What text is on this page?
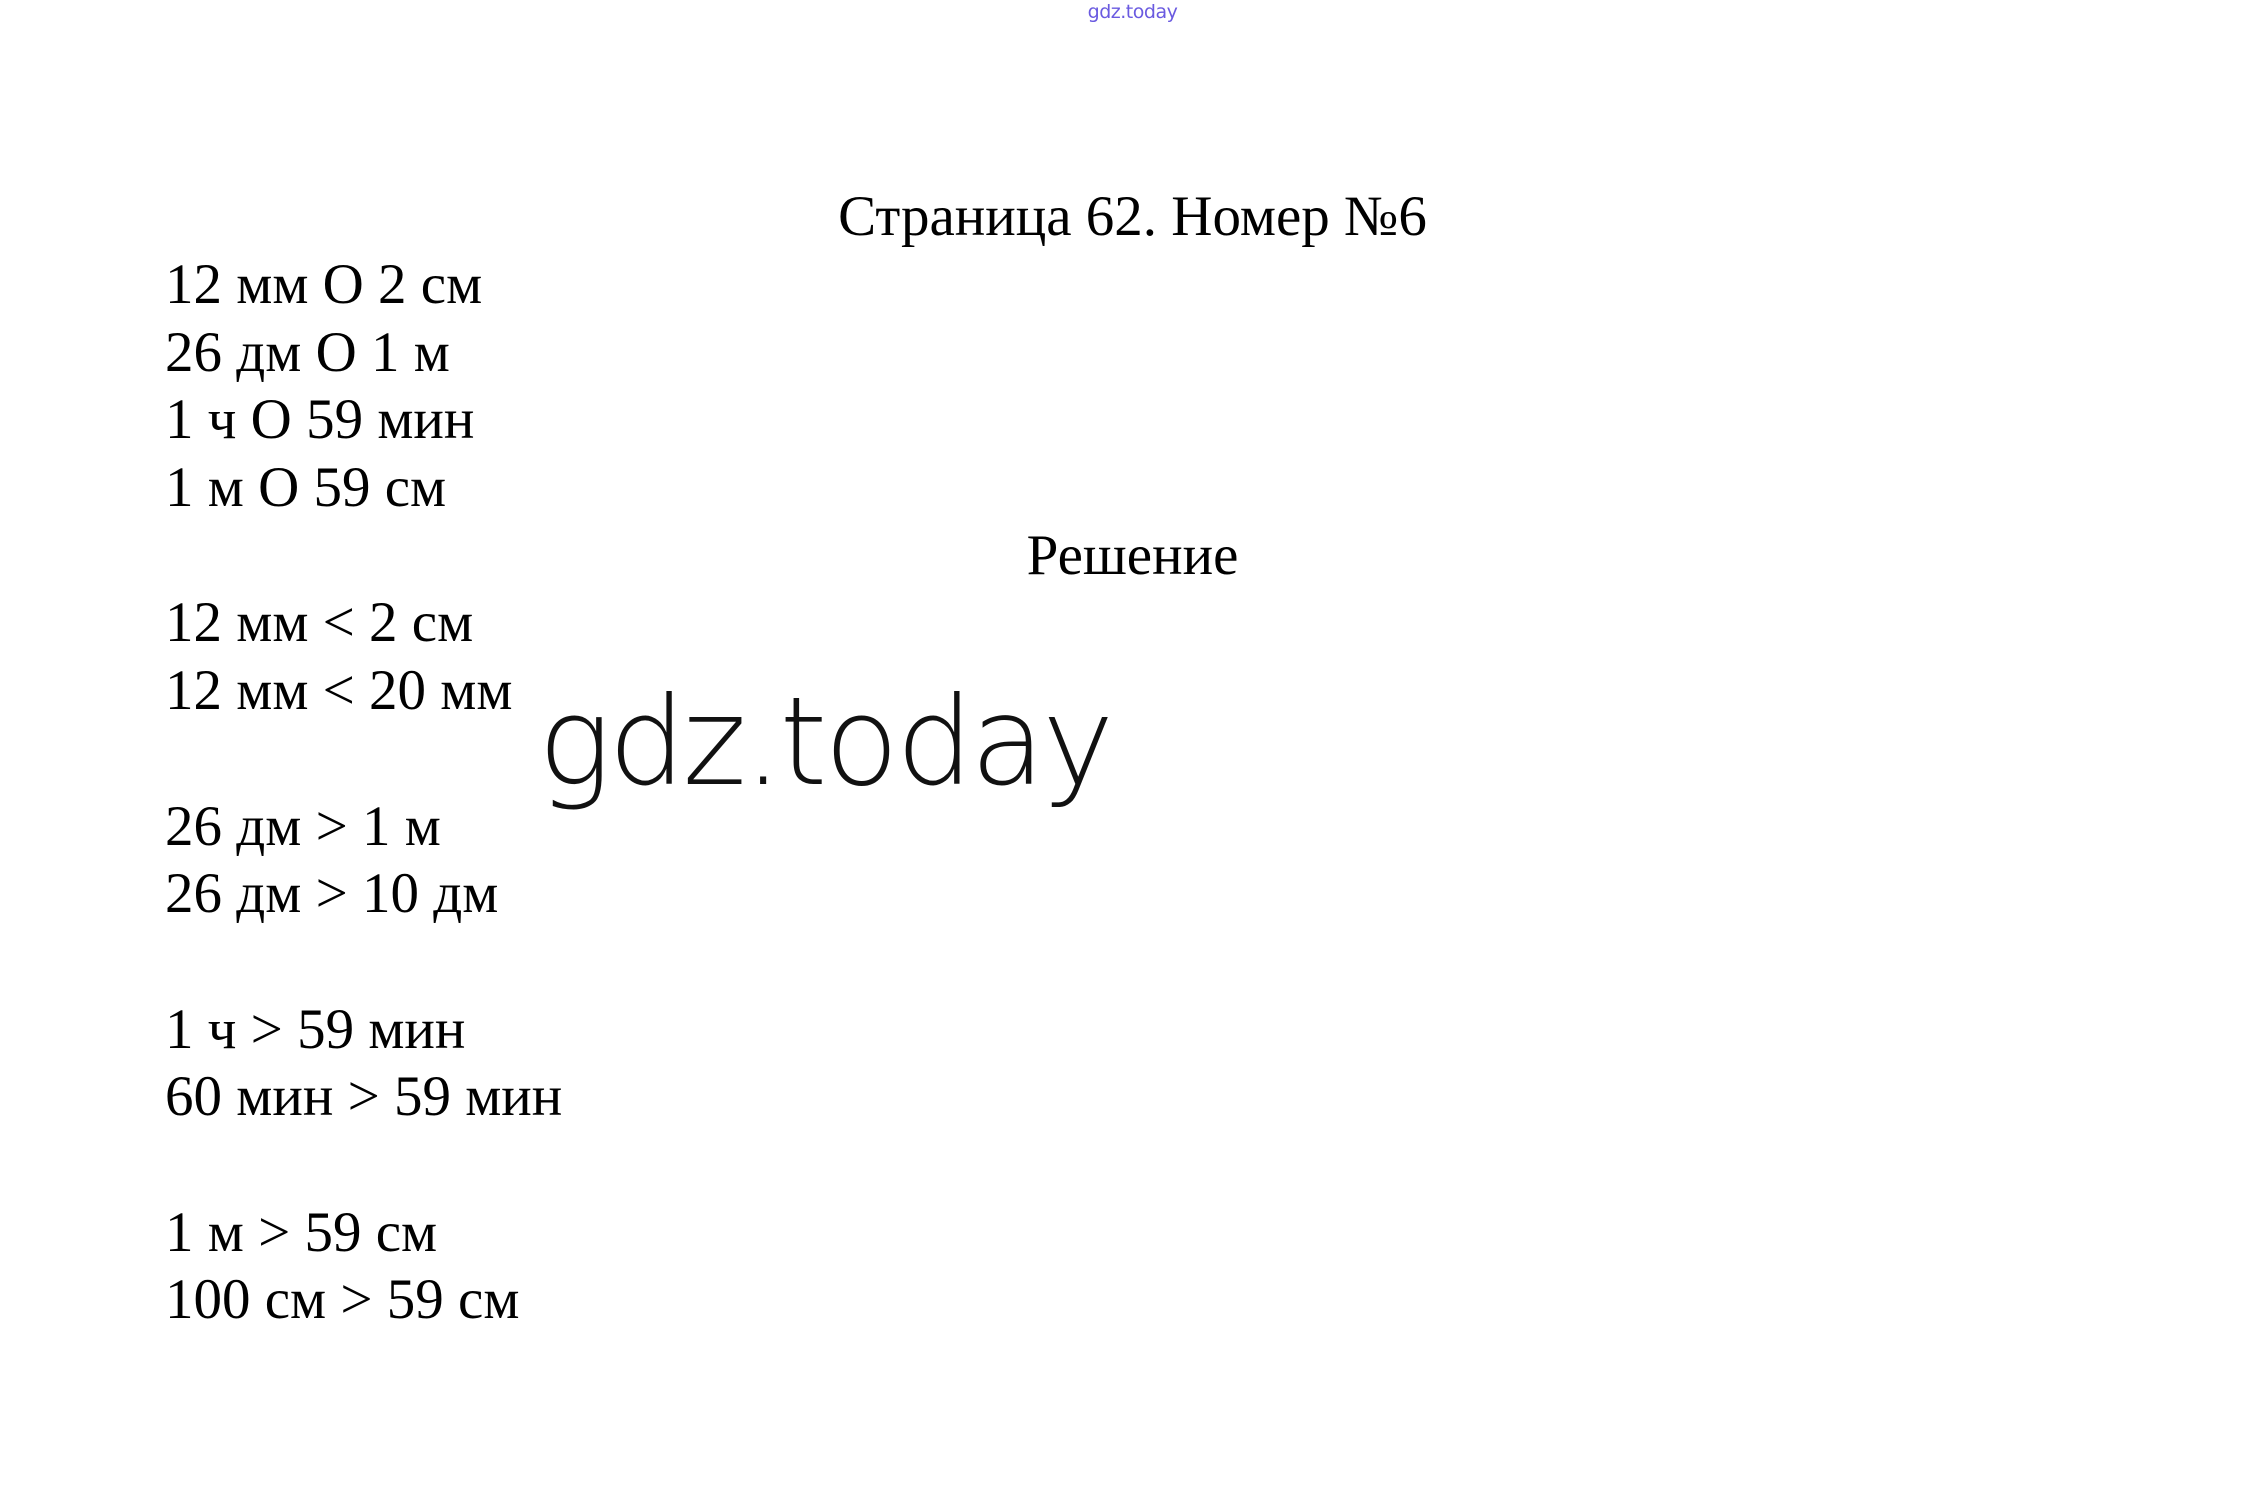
gdz.today
Страница 62. Номер №6
12 мм O 2 см
26 дм O 1 м
1 ч O 59 мин
1 м O 59 см
12 мм < 2 см
12 мм < 20 мм
26 дм > 1 м
26 дм > 10 дм
1 ч > 59 мин
60 мин > 59 мин
1 м > 59 см
100 см > 59 см
Решение
gdz.today
